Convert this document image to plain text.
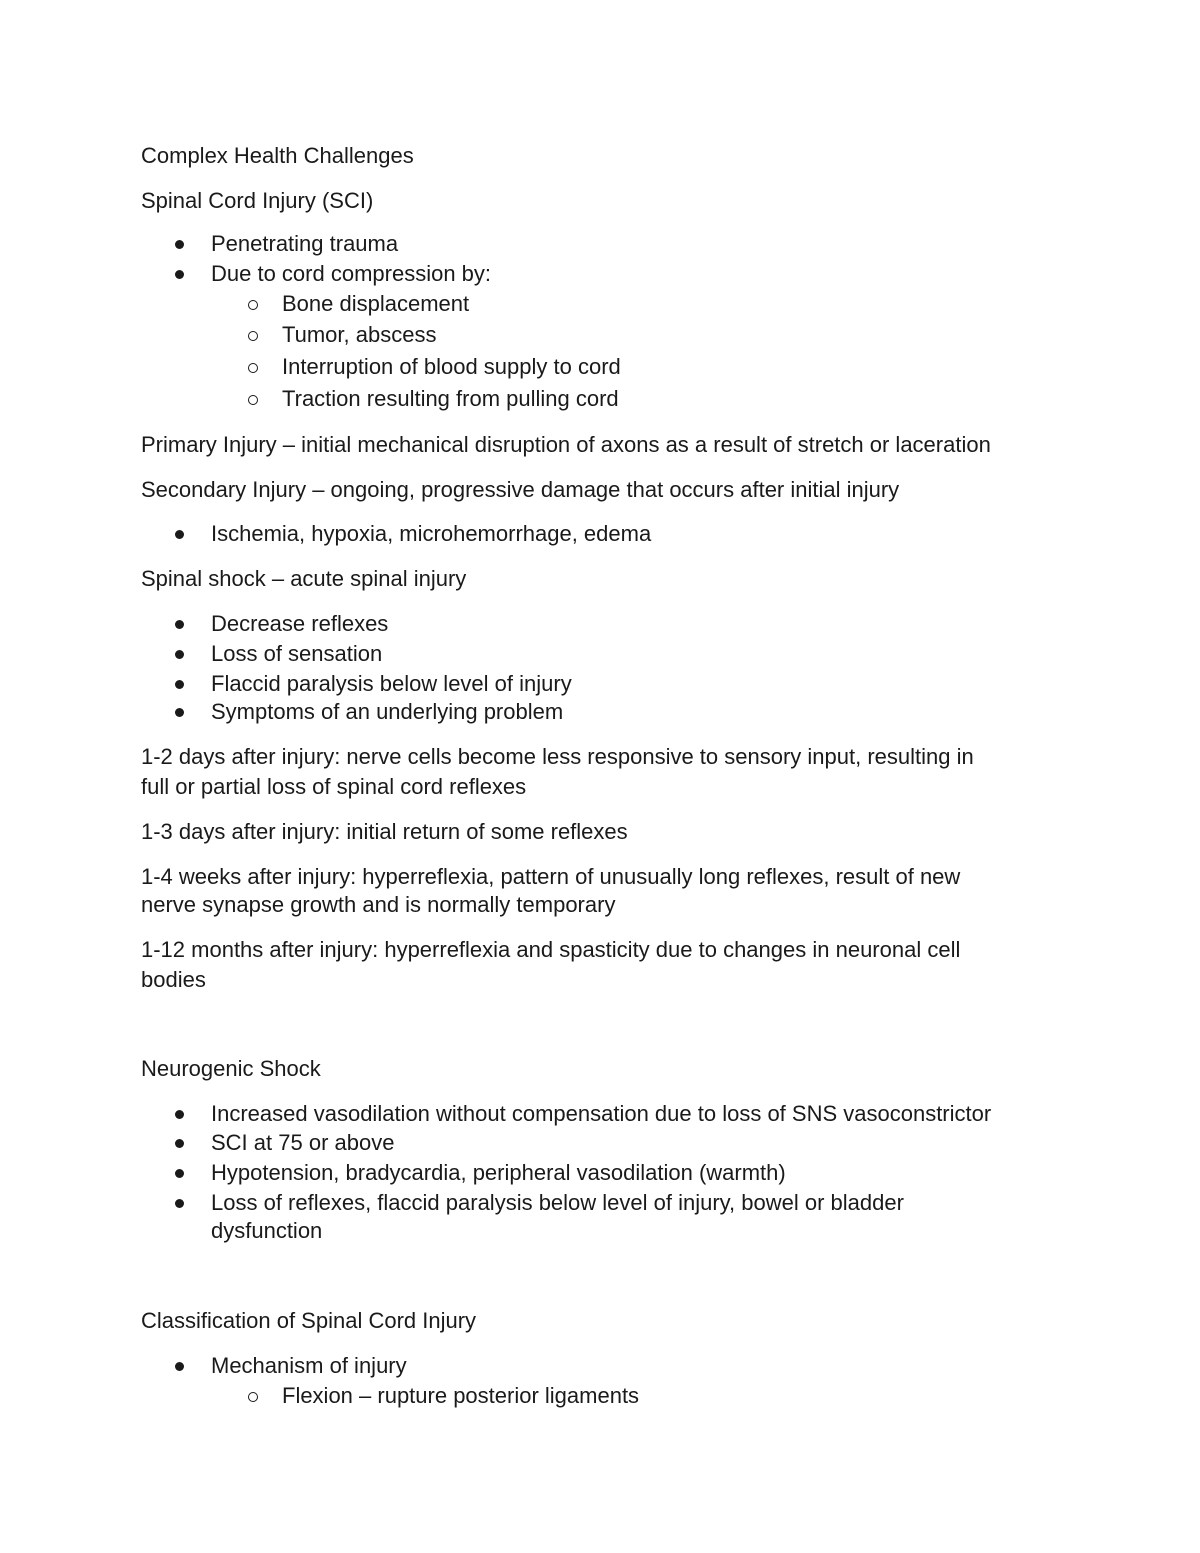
Complex Health Challenges
Spinal Cord Injury (SCI)
Penetrating trauma
Due to cord compression by:
Bone displacement
Tumor, abscess
Interruption of blood supply to cord
Traction resulting from pulling cord
Primary Injury – initial mechanical disruption of axons as a result of stretch or laceration
Secondary Injury – ongoing, progressive damage that occurs after initial injury
Ischemia, hypoxia, microhemorrhage, edema
Spinal shock – acute spinal injury
Decrease reflexes
Loss of sensation
Flaccid paralysis below level of injury
Symptoms of an underlying problem
1-2 days after injury: nerve cells become less responsive to sensory input, resulting in
full or partial loss of spinal cord reflexes
1-3 days after injury: initial return of some reflexes
1-4 weeks after injury: hyperreflexia, pattern of unusually long reflexes, result of new
nerve synapse growth and is normally temporary
1-12 months after injury: hyperreflexia and spasticity due to changes in neuronal cell
bodies
Neurogenic Shock
Increased vasodilation without compensation due to loss of SNS vasoconstrictor
SCI at 75 or above
Hypotension, bradycardia, peripheral vasodilation (warmth)
Loss of reflexes, flaccid paralysis below level of injury, bowel or bladder
dysfunction
Classification of Spinal Cord Injury
Mechanism of injury
Flexion – rupture posterior ligaments
